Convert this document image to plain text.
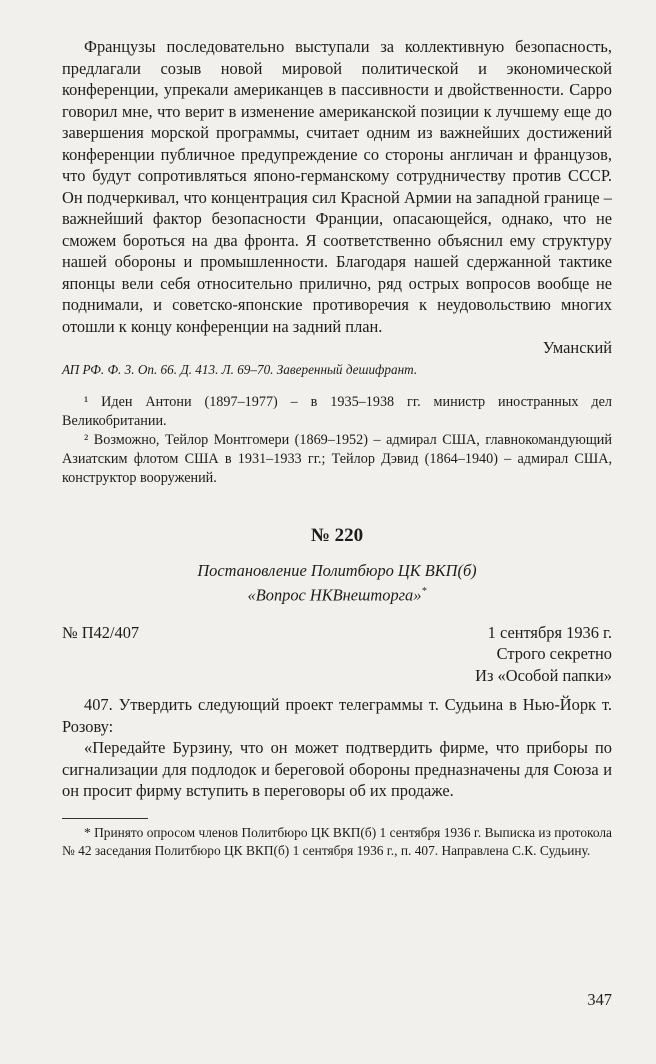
Французы последовательно выступали за коллективную безопасность, предлагали созыв новой мировой политической и экономической конференции, упрекали американцев в пассивности и двойственности. Сарро говорил мне, что верит в изменение американской позиции к лучшему еще до завершения морской программы, считает одним из важнейших достижений конференции публичное предупреждение со стороны англичан и французов, что будут сопротивляться японо-германскому сотрудничеству против СССР. Он подчеркивал, что концентрация сил Красной Армии на западной границе – важнейший фактор безопасности Франции, опасающейся, однако, что не сможем бороться на два фронта. Я соответственно объяснил ему структуру нашей обороны и промышленности. Благодаря нашей сдержанной тактике японцы вели себя относительно прилично, ряд острых вопросов вообще не поднимали, и советско-японские противоречия к неудовольствию многих отошли к концу конференции на задний план.

Уманский

АП РФ. Ф. 3. Оп. 66. Д. 413. Л. 69–70. Заверенный дешифрант.

¹ Иден Антони (1897–1977) – в 1935–1938 гг. министр иностранных дел Великобритании.

² Возможно, Тейлор Монтгомери (1869–1952) – адмирал США, главнокомандующий Азиатским флотом США в 1931–1933 гг.; Тейлор Дэвид (1864–1940) – адмирал США, конструктор вооружений.

№ 220
Постановление Политбюро ЦК ВКП(б)
«Вопрос НКВнешторга»*
№ П42/407	1 сентября 1936 г.
Строго секретно
Из «Особой папки»

407. Утвердить следующий проект телеграммы т. Судьина в Нью-Йорк т. Розову:

«Передайте Бурзину, что он может подтвердить фирме, что приборы по сигнализации для подлодок и береговой обороны предназначены для Союза и он просит фирму вступить в переговоры об их продаже.

* Принято опросом членов Политбюро ЦК ВКП(б) 1 сентября 1936 г. Выписка из протокола № 42 заседания Политбюро ЦК ВКП(б) 1 сентября 1936 г., п. 407. Направлена С.К. Судьину.

347
